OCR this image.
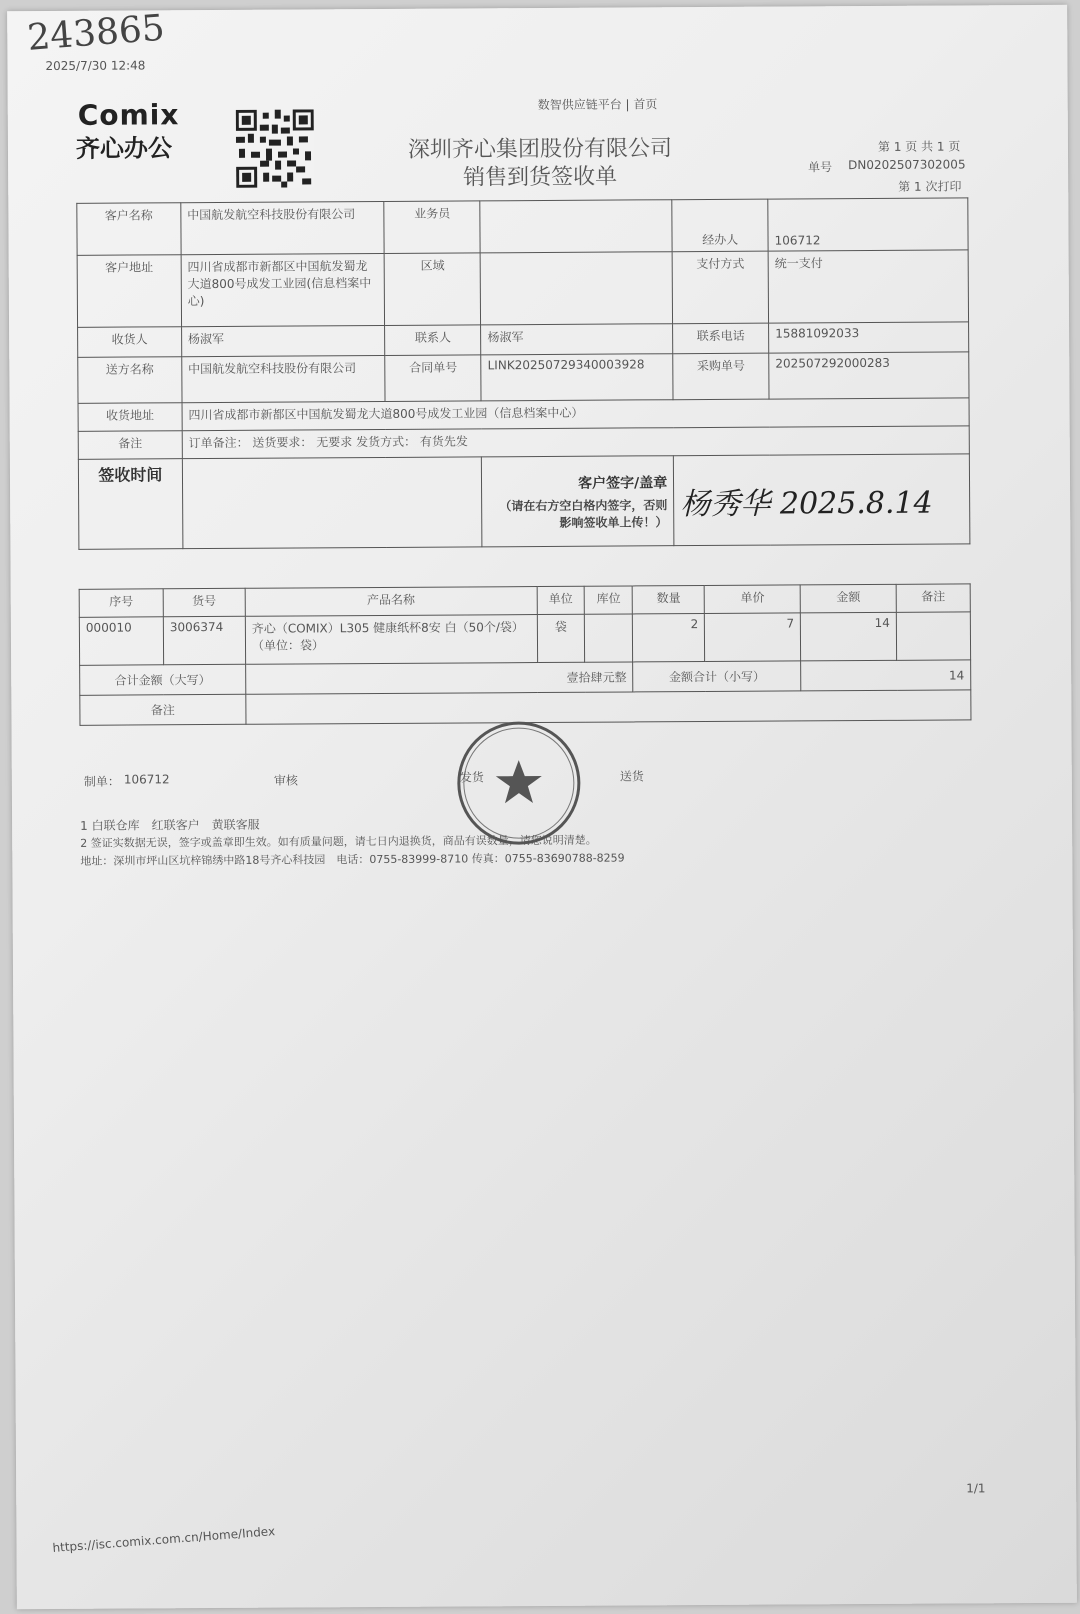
243865
2025/7/30 12:48
Comix
齐心办公
数智供应链平台 | 首页
深圳齐心集团股份有限公司
销售到货签收单
第 1 页 共 1 页
单号 DN0202507302005
第 1 次打印
客户名称	中国航发航空科技股份有限公司	业务员		经办人	106712
客户地址	四川省成都市新都区中国航发蜀龙大道800号成发工业园(信息档案中心)	区域		支付方式	统一支付
收货人	杨淑军	联系人	杨淑军	联系电话	15881092033
送方名称	中国航发航空科技股份有限公司	合同单号	LINK20250729340003928	采购单号	202507292000283
收货地址	四川省成都市新都区中国航发蜀龙大道800号成发工业园（信息档案中心）				
备注	订单备注： 送货要求： 无要求 发货方式： 有货先发				
签收时间			客户签字/盖章
（请在右方空白格内签字，否则影响签收单上传！）	杨秀华 2025.8.14	
序号	货号	产品名称	单位	库位	数量	单价	金额	备注
000010	3006374	齐心（COMIX）L305 健康纸杯8安 白（50个/袋）（单位：袋）	袋		2	7	14	
合计金额（大写）		壹拾肆元整			金额合计（小写）		14	
备注								
制单： 106712	审核	发货	送货
1 白联仓库　红联客户　黄联客服
2 签证实数据无误，签字或盖章即生效。如有质量问题，请七日内退换货，商品有误数量，请您说明清楚。
地址：深圳市坪山区坑梓锦绣中路18号齐心科技园　电话：0755-83999-8710 传真：0755-83690788-8259
1/1
https://isc.comix.com.cn/Home/Index
